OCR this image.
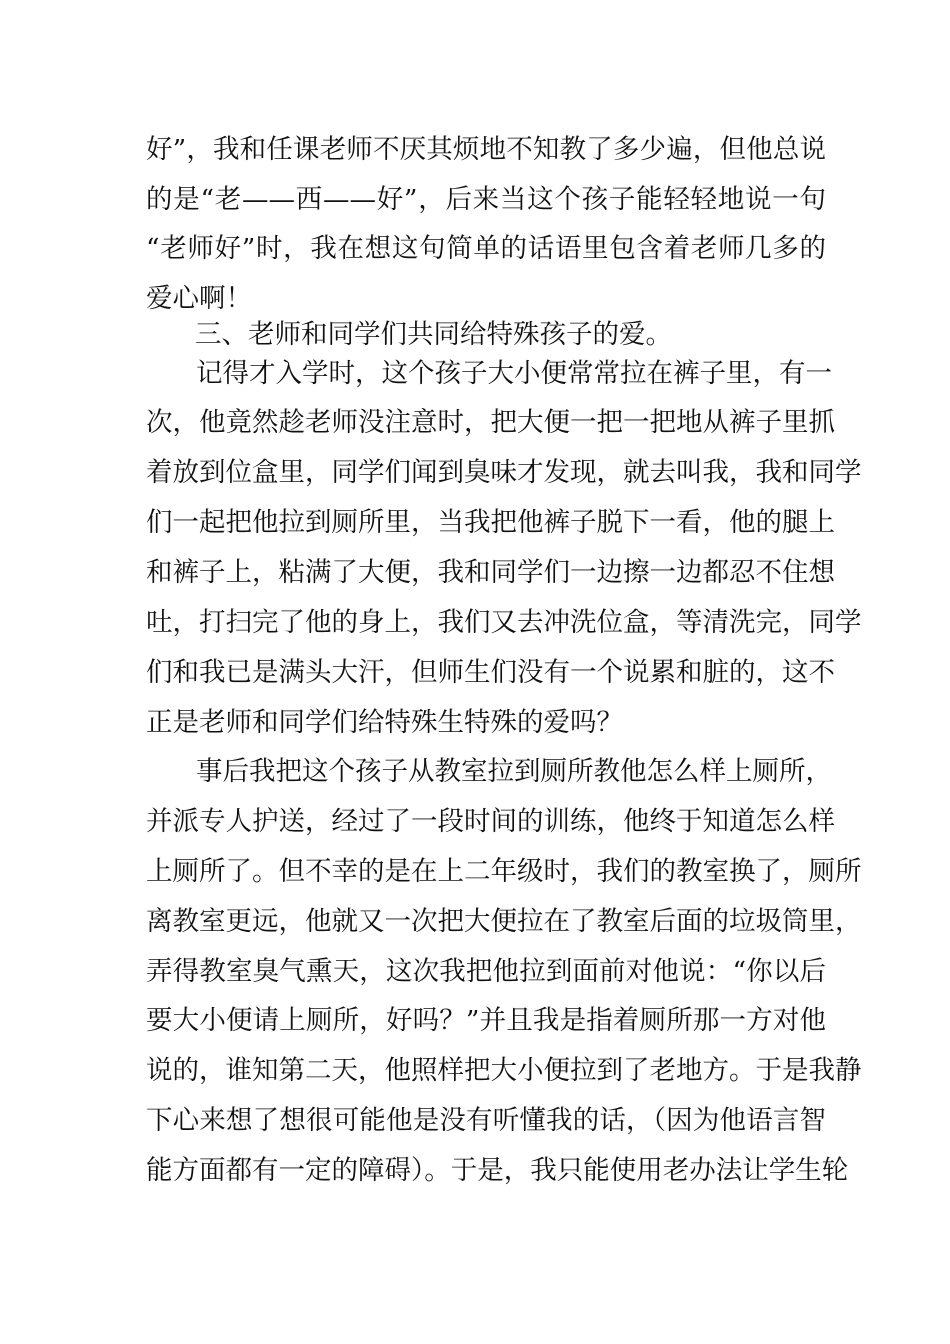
好”，我和任课老师不厌其烦地不知教了多少遍，但他总说
的是“老——西——好”，后来当这个孩子能轻轻地说一句
“老师好”时，我在想这句简单的话语里包含着老师几多的
爱心啊！
三、老师和同学们共同给特殊孩子的爱。
记得才入学时，这个孩子大小便常常拉在裤子里，有一
次，他竟然趁老师没注意时，把大便一把一把地从裤子里抓
着放到位盒里，同学们闻到臭味才发现，就去叫我，我和同学
们一起把他拉到厕所里，当我把他裤子脱下一看，他的腿上
和裤子上，粘满了大便，我和同学们一边擦一边都忍不住想
吐，打扫完了他的身上，我们又去冲洗位盒，等清洗完，同学
们和我已是满头大汗，但师生们没有一个说累和脏的，这不
正是老师和同学们给特殊生特殊的爱吗？
事后我把这个孩子从教室拉到厕所教他怎么样上厕所，
并派专人护送，经过了一段时间的训练，他终于知道怎么样
上厕所了。但不幸的是在上二年级时，我们的教室换了，厕所
离教室更远，他就又一次把大便拉在了教室后面的垃圾筒里，
弄得教室臭气熏天，这次我把他拉到面前对他说：“你以后
要大小便请上厕所，好吗？”并且我是指着厕所那一方对他
说的，谁知第二天，他照样把大小便拉到了老地方。于是我静
下心来想了想很可能他是没有听懂我的话，（因为他语言智
能方面都有一定的障碍）。于是，我只能使用老办法让学生轮
